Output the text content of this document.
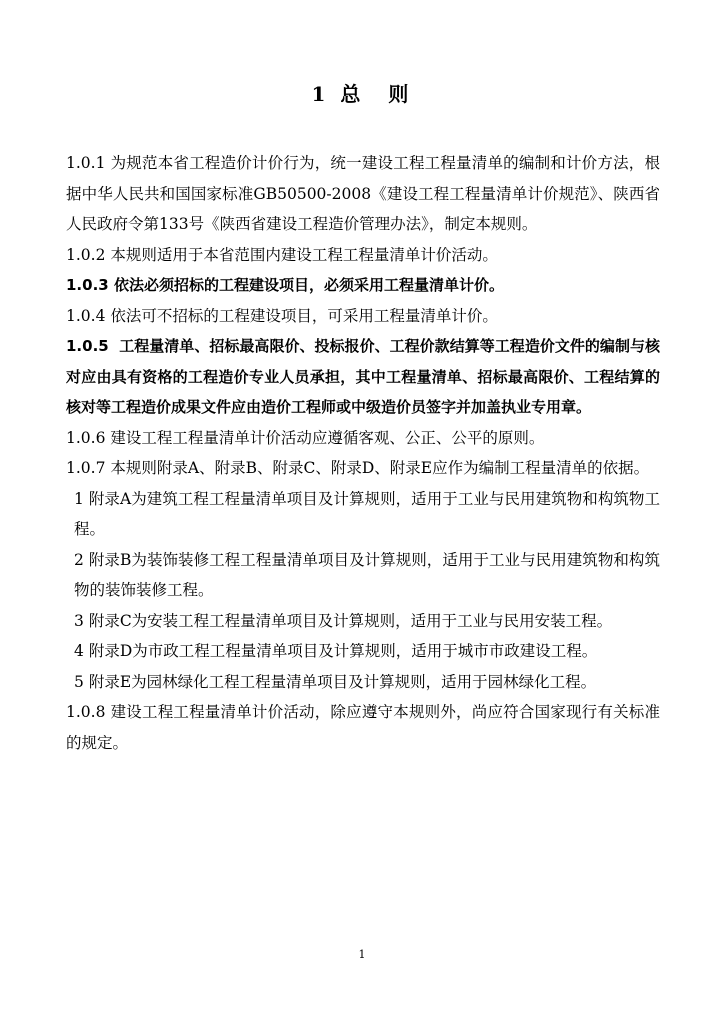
1 总　则

1.0.1 为规范本省工程造价计价行为，统一建设工程工程量清单的编制和计价方法，根据中华人民共和国国家标准GB50500-2008《建设工程工程量清单计价规范》、陕西省人民政府令第133号《陕西省建设工程造价管理办法》，制定本规则。

1.0.2 本规则适用于本省范围内建设工程工程量清单计价活动。

1.0.3 依法必须招标的工程建设项目，必须采用工程量清单计价。

1.0.4 依法可不招标的工程建设项目，可采用工程量清单计价。

1.0.5 工程量清单、招标最高限价、投标报价、工程价款结算等工程造价文件的编制与核对应由具有资格的工程造价专业人员承担，其中工程量清单、招标最高限价、工程结算的核对等工程造价成果文件应由造价工程师或中级造价员签字并加盖执业专用章。

1.0.6 建设工程工程量清单计价活动应遵循客观、公正、公平的原则。

1.0.7 本规则附录A、附录B、附录C、附录D、附录E应作为编制工程量清单的依据。

1 附录A为建筑工程工程量清单项目及计算规则，适用于工业与民用建筑物和构筑物工程。

2 附录B为装饰装修工程工程量清单项目及计算规则，适用于工业与民用建筑物和构筑物的装饰装修工程。

3 附录C为安装工程工程量清单项目及计算规则，适用于工业与民用安装工程。

4 附录D为市政工程工程量清单项目及计算规则，适用于城市市政建设工程。

5 附录E为园林绿化工程工程量清单项目及计算规则，适用于园林绿化工程。

1.0.8 建设工程工程量清单计价活动，除应遵守本规则外，尚应符合国家现行有关标准的规定。

1
